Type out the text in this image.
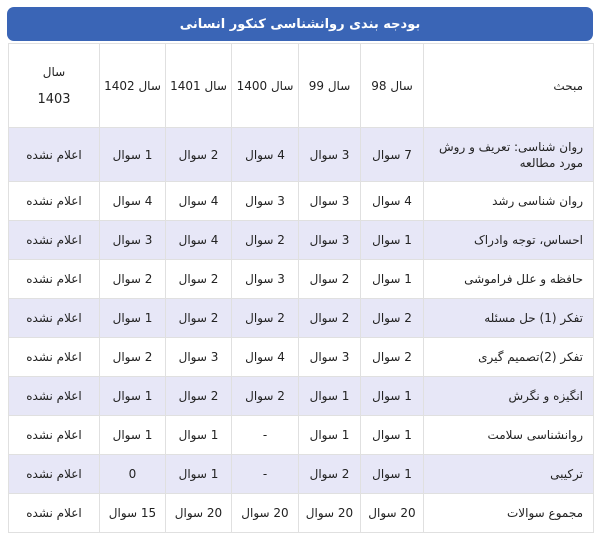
بودجه بندی روانشناسی کنکور انسانی
مبحث	سال 98	سال 99	سال 1400	سال 1401	سال 1402	سال
1403

روان شناسی: تعریف و روش مورد مطالعه	7 سوال	3 سوال	4 سوال	2 سوال	1 سوال	اعلام نشده
روان شناسی رشد	4 سوال	3 سوال	3 سوال	4 سوال	4 سوال	اعلام نشده
احساس، توجه وادراک	1 سوال	3 سوال	2 سوال	4 سوال	3 سوال	اعلام نشده
حافظه و علل فراموشی	1 سوال	2 سوال	3 سوال	2 سوال	2 سوال	اعلام نشده
تفکر (1) حل مسئله	2 سوال	2 سوال	2 سوال	2 سوال	1 سوال	اعلام نشده
تفکر (2)تصمیم گیری	2 سوال	3 سوال	4 سوال	3 سوال	2 سوال	اعلام نشده
انگیزه و نگرش	1 سوال	1 سوال	2 سوال	2 سوال	1 سوال	اعلام نشده
روانشناسی سلامت	1 سوال	1 سوال	-	1 سوال	1 سوال	اعلام نشده
ترکیبی	1 سوال	2 سوال	-	1 سوال	0	اعلام نشده
مجموع سوالات	20 سوال	20 سوال	20 سوال	20 سوال	15 سوال	اعلام نشده
